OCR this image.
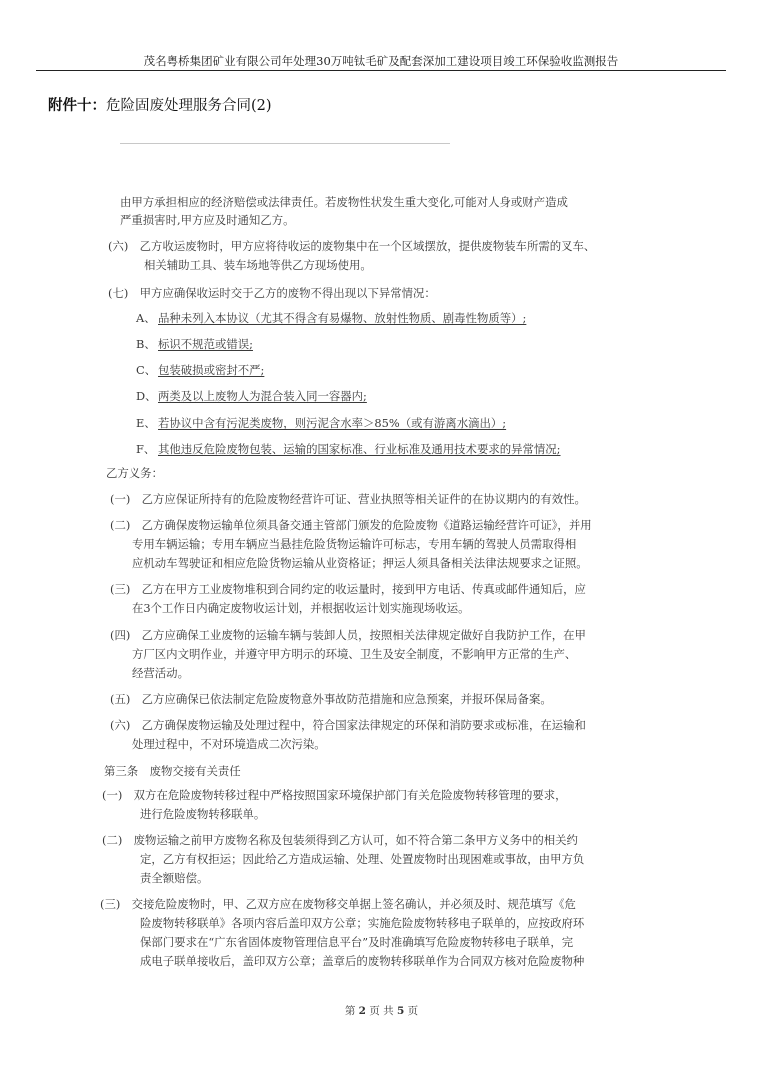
茂名粤桥集团矿业有限公司年处理30万吨钛毛矿及配套深加工建设项目竣工环保验收监测报告
附件十：危险固废处理服务合同(2)
由甲方承担相应的经济赔偿或法律责任。若废物性状发生重大变化,可能对人身或财产造成
严重损害时,甲方应及时通知乙方。
(六)　乙方收运废物时，甲方应将待收运的废物集中在一个区域摆放，提供废物装车所需的叉车、
相关辅助工具、装车场地等供乙方现场使用。
(七)　甲方应确保收运时交于乙方的废物不得出现以下异常情况：
A、 品种未列入本协议（尤其不得含有易爆物、放射性物质、剧毒性物质等）;
B、 标识不规范或错误;
C、 包装破损或密封不严;
D、 两类及以上废物人为混合装入同一容器内;
E、 若协议中含有污泥类废物，则污泥含水率＞85%（或有游离水滴出）;
F、 其他违反危险废物包装、运输的国家标准、行业标准及通用技术要求的异常情况;
乙方义务：
(一)　乙方应保证所持有的危险废物经营许可证、营业执照等相关证件的在协议期内的有效性。
(二)　乙方确保废物运输单位须具备交通主管部门颁发的危险废物《道路运输经营许可证》，并用
专用车辆运输；专用车辆应当悬挂危险货物运输许可标志，专用车辆的驾驶人员需取得相
应机动车驾驶证和相应危险货物运输从业资格证；押运人须具备相关法律法规要求之证照。
(三)　乙方在甲方工业废物堆积到合同约定的收运量时，接到甲方电话、传真或邮件通知后，应
在3个工作日内确定废物收运计划，并根据收运计划实施现场收运。
(四)　乙方应确保工业废物的运输车辆与装卸人员，按照相关法律规定做好自我防护工作，在甲
方厂区内文明作业，并遵守甲方明示的环境、卫生及安全制度，不影响甲方正常的生产、
经营活动。
(五)　乙方应确保已依法制定危险废物意外事故防范措施和应急预案，并报环保局备案。
(六)　乙方确保废物运输及处理过程中，符合国家法律规定的环保和消防要求或标准，在运输和
处理过程中，不对环境造成二次污染。
第三条　废物交接有关责任
(一)　双方在危险废物转移过程中严格按照国家环境保护部门有关危险废物转移管理的要求，
进行危险废物转移联单。
(二)　废物运输之前甲方废物名称及包装须得到乙方认可，如不符合第二条甲方义务中的相关约
定，乙方有权拒运；因此给乙方造成运输、处理、处置废物时出现困难或事故，由甲方负
责全额赔偿。
(三)　交接危险废物时，甲、乙双方应在废物移交单据上签名确认，并必须及时、规范填写《危
险废物转移联单》各项内容后盖印双方公章；实施危险废物转移电子联单的，应按政府环
保部门要求在“广东省固体废物管理信息平台”及时准确填写危险废物转移电子联单，完
成电子联单接收后，盖印双方公章；盖章后的废物转移联单作为合同双方核对危险废物种
第 2 页 共 5 页
